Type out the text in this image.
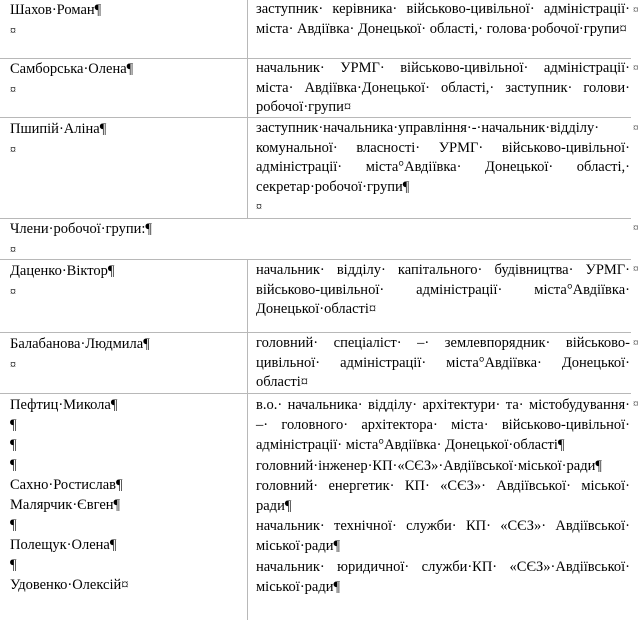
¤
¤
¤
¤
¤
¤
¤
Шахов·Роман¶
¤
заступник· керівника· військово-цивільної· адміністрації· міста· Авдіївка· Донецької· області,· голова·робочої·групи¤
Самборська·Олена¶
¤
начальник· УРМГ· військово-цивільної· адміністрації· міста· Авдіївка·Донецької· області,· заступник· голови· робочої·групи¤
Пшипій·Аліна¶
¤
заступник·начальника·управління·-·начальник·відділу· комунальної· власності· УРМГ· військово-цивільної· адміністрації· міста°Авдіївка· Донецької· області,· секретар·робочої·групи¶
¤
Члени·робочої·групи:¶
¤
Даценко·Віктор¶
¤
начальник· відділу· капітального· будівництва· УРМГ· військово-цивільної· адміністрації· міста°Авдіївка· Донецької·області¤
Балабанова·Людмила¶
¤
головний· спеціаліст· –· землевпорядник· військово-цивільної· адміністрації· міста°Авдіївка· Донецької· області¤
Пефтиц·Микола¶
¶
¶
¶
Сахно·Ростислав¶
Малярчик·Євген¶
¶
Полещук·Олена¶
¶
Удовенко·Олексій¤
в.о.· начальника· відділу· архітектури· та· містобудування· –· головного· архітектора· міста· військово-цивільної· адміністрації· міста°Авдіївка· Донецької·області¶
головний·інженер·КП·«СЄЗ»·Авдіївської·міської·ради¶
головний· енергетик· КП· «СЄЗ»· Авдіївської· міської· ради¶
начальник· технічної· служби· КП· «СЄЗ»· Авдіївської· міської·ради¶
начальник· юридичної· служби·КП· «СЄЗ»·Авдіївської· міської·ради¶
